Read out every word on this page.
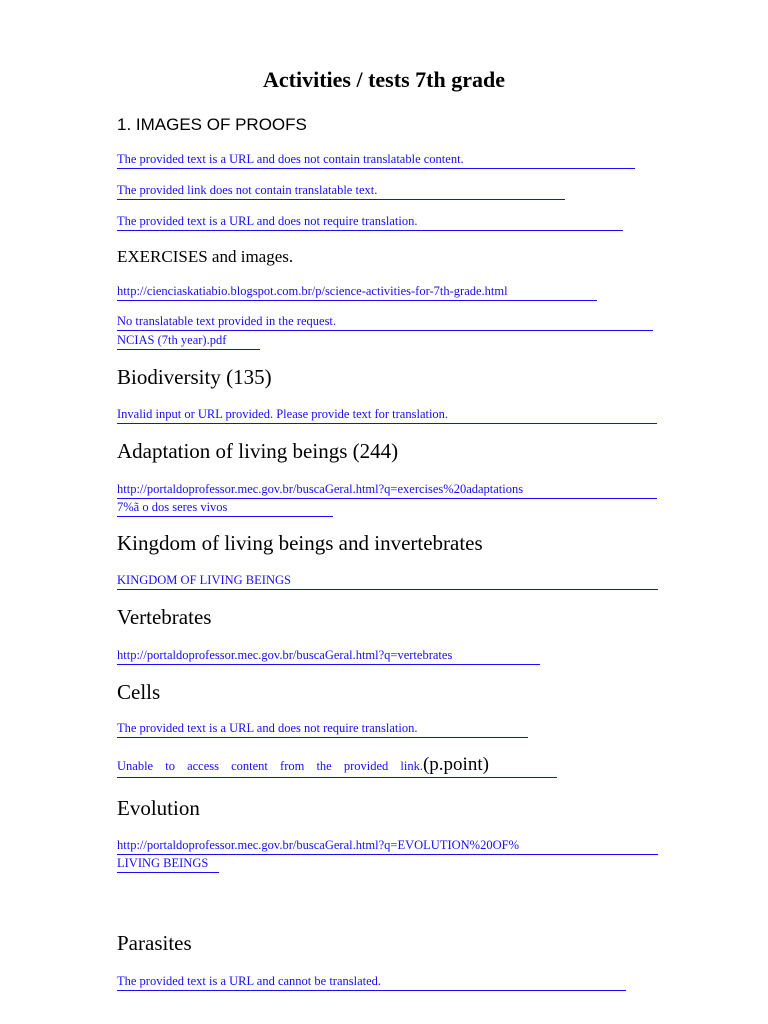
Activities / tests 7th grade
1. IMAGES OF PROOFS
The provided text is a URL and does not contain translatable content.
The provided link does not contain translatable text.
The provided text is a URL and does not require translation.
EXERCISES and images.
http://cienciaskatiabio.blogspot.com.br/p/science-activities-for-7th-grade.html
No translatable text provided in the request.
NCIAS (7th year).pdf
Biodiversity (135)
Invalid input or URL provided. Please provide text for translation.
Adaptation of living beings (244)
http://portaldoprofessor.mec.gov.br/buscaGeral.html?q=exercises%20adaptations
7%ã o dos seres vivos
Kingdom of living beings and invertebrates
KINGDOM OF LIVING BEINGS
Vertebrates
http://portaldoprofessor.mec.gov.br/buscaGeral.html?q=vertebrates
Cells
The provided text is a URL and does not require translation.
Unable to access content from the provided link.(p.point)
Evolution
http://portaldoprofessor.mec.gov.br/buscaGeral.html?q=EVOLUTION%20OF%
LIVING BEINGS
Parasites
The provided text is a URL and cannot be translated.
